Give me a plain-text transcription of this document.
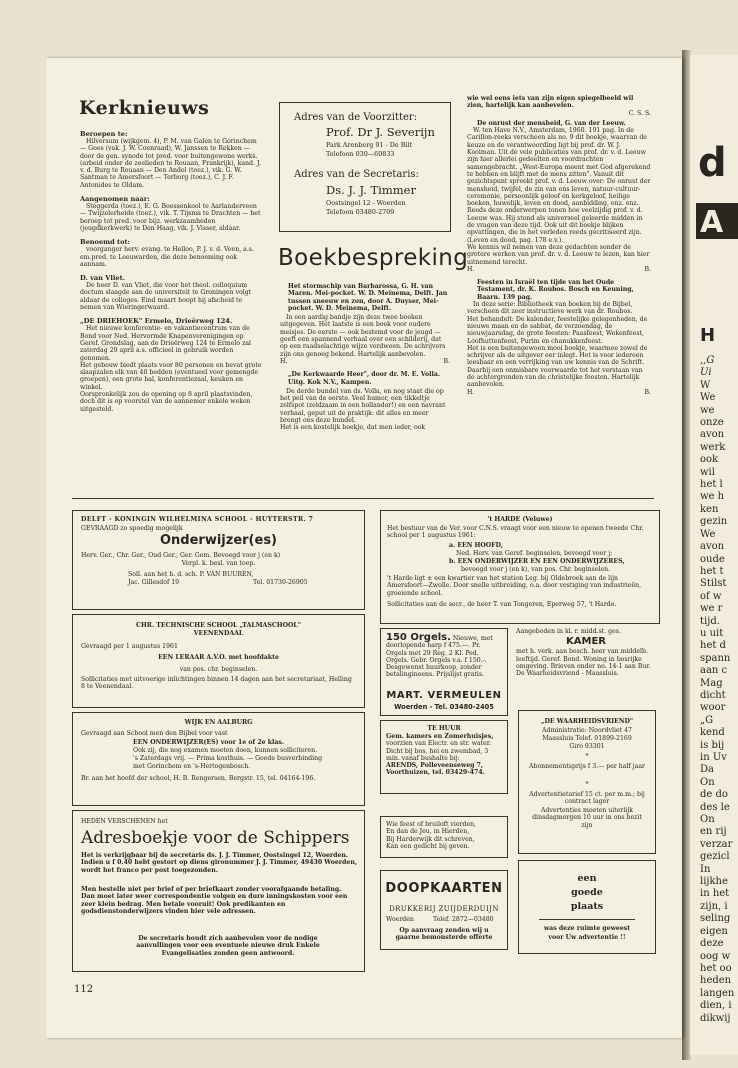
d
A
H

,,G

Ui

W

We

we

onze

avon

werk

ook

wil

het l

we h

ken

gezin

We

avon

oude

het t

Stilst

of w

we r

tijd.

u uit

het d

spann

aan c

Mag

dicht

woor

„G

kend

is bij

in Uv

Da

On

de do

des le

On

en rij

verzar

gezicl

In

lijkhe

in het

zijn, i

seling

eigen

deze

oog w

het oo

heden

langen

dien, i

dikwij

Kerknieuws

Beroepen te:

Hilversum (wijkgem. 4), P. M. van Galen te Gorinchem — Goes (vak. J. W. Coenraad), W. Janssen te Rekken — door de gen. synode tot pred. voor buitengewone werks. (arbeid onder de zeelieden te Rouaan, Frankrijk), kand. J. v. d. Burg te Rouaan — Den Andel (toez.), vik. G. W. Santman te Amersfoort — Terborg (toez.), C. J. F. Antonides te Oldam.

Aangenomen naar:

Steggerda (toez.), E. G. Boessenkool te Aarlanderveen — Twijzelerheide (toez.), vik. T. Tijsma te Drachten — het beroep tot pred. voor bijz. werkzaamheden (jeugdkerkwerk) te Den Haag, vik. J. Visser, aldaar.

Benoemd tot:

voorganger herv. evang. te Helloo, P. J. v. d. Veen, a.s. em.pred. te Leeuwarden, die deze benoeming ook aannam.

D. van Vliet.

De heer D. van Vliet, die voor het theol. colloquium doctum slaagde aan de universiteit te Groningen volgt aldaar de colleges. Eind maart hoopt hij afscheid te nemen van Wieringerwaard.

„DE DRIEHOEK" Ermelo, Drieërweg 124.

Het nieuwe konferentie- en vakantiecentrum van de Bond voor Ned. Hervormde Knapenverenigingen op Geref. Grondslag, aan de Drieërweg 124 te Ermelo zal zaterdag 29 april a.s. officieel in gebruik worden genomen.
Het gebouw biedt plaats voor 80 personen en bevat grote slaapzalen elk van 40 bedden (eventueel voor gemengde groepen), een grote hal, konferentiezaal, keuken en winkel.
Oorspronkelijk zou de opening op 8 april plaatsvinden, doch dit is op voorstel van de aannemer enkele weken uitgesteld.

Adres van de Voorzitter:

Prof. Dr J. Severijn

Park Arenberg 91 - De Bilt

Telefoon 030—60833

Adres van de Secretaris:

Ds. J. J. Timmer

Oostsingel 12 - Woerden

Telefoon 03480-2709

Boekbespreking

Het stormschip van Barbarossa, G. H. van Maren. Mei-pocket. W. D. Meinema, Delft. Jan tussen sneeuw en zon, door A. Duyser, Mei-pocket. W. D. Meinema, Delft.

In een aardig bandje zijn deze twee boeken uitgegeven. Het laatste is een boek voor oudere meisjes. De eerste — ook bestemd voor de jeugd — geeft een spannend verhaal over een schilderij, dat op een raadselachtige wijze verdween. De schrijvers zijn ons genoeg bekend. Hartelijk aanbevolen.

H.	B.

„De Kerkwaarde Heer", door dr. M. E. Volla. Uitg. Kok N.V., Kampen.

De derde bundel van ds. Volla, en nog staat die op het peil van de eerste. Veel humor, een tikkeltje zelfspot (zeldzaam in een hollander!) en een navrant verhaal, geput uit de praktijk: dit alles en meer brengt ons deze bundel.
Het is een kostelijk boekje, dat men ieder, ook

wie wel eens iets van zijn eigen spiegelbeeld wil zien, hartelijk kan aanbevelen.

C. S. S.

De onrust der mensheid, G. van der Leeuw.

W. ten Have N.V., Amsterdam, 1960. 191 pag. In de Carillon-reeks verscheen als no. 9 dit boekje, waarvan de keuze en de verantwoording ligt bij prof. dr. W. J. Kooiman. Uit de vele publicaties van prof. dr. v. d. Leeuw zijn hier allerlei gedeelten en voordrachten samengebracht. „West-Europa meent met God afgerekend te hebben en blijft met de mens zitten". Vanuit dit gezichtspunt spreekt prof. v. d. Leeuw over: De onrust der mensheid, twijfel, de zin van ons leven, natuur-cultuur-ceremonie, persoonlijk geloof en kerkgeloof, heilige boeken, huwelijk, leven en dood, aanbidding, enz. enz.
Reeds deze onderwerpen tonen hoe veelzijdig prof. v. d. Leeuw was. Hij stond als universeel geleerde midden in de vragen van deze tijd. Ook uit dit boekje blijken opvattingen, die in het verleden reeds gecritiseerd zijn. (Leven en dood, pag. 178 e.v.).
We kennis wil nemen van deze gedachten sonder de grotere werken van prof. dr. v. d. Leeuw te lezen, kan hier uitnemend terecht.

H.	B.

Feesten in Israël ten tijde van het Oude Testament, dr. K. Roubos. Bosch en Keuning, Baarn. 139 pag.

In deze serie: Bibliotheek van boeken bij de Bijbel, verscheen dit zeer instructieve werk van dr. Roubos.
Het behandelt: De kalender, feestelijke gelegenheden, de nieuwe maan en de sabbat, de verzoendag, de nieuwjaarsdag, de grote feesten: Paasfeest, Wekenfeest, Loofhuttenfeest, Purim en chanukkenfeest.
Het is een buitengewoon mooi boekje, waarmee zowel de schrijver als de uitgever eer inlegt. Het is voor iedereen leesbaar en een verrijking van uw kennis van de Schrift. Daarbij een onmisbare voorwaarde tot het verstaan van de achtergronden van de christelijke feesten. Hartelijk aanbevolen.

H.	B.

DELFT - KONINGIN WILHELMINA SCHOOL - HUYTERSTR. 7

GEVRAAGD zo spoedig mogelijk

Onderwijzer(es)

Herv. Ger., Chr. Ger., Oud Ger., Ger. Gem. Bevoegd voor j (en k)

Verpl. k. besl. van toep.

Soll. aan het h. d. sch. P. VAN BUUREN,

Jac. Gillesdof 19	Tel. 01730-26905

CHR. TECHNISCHE SCHOOL „TALMASCHOOL"

VEENENDAAL

Gevraagd per 1 augustus 1961

EEN LERAAR A.V.O. met hoofdakte

van pos. chr. beginselen.

Sollicitaties met uitvoerige inlichtingen binnen 14 dagen aan het secretariaat, Helling 8 te Veenendaal.

WIJK EN AALBURG

Gevraagd aan School men den Bijbel voor vast

EEN ONDERWIJZER(ES) voor 1e of 2e klas.

Ook zij, die nog examen moeten doen, kunnen solliciteren.

's Zaterdags vrij. — Prima kosthuis. — Goede busverbinding

met Gorinchem en 's-Hertogenbosch.

Br. aan het hoofd der school, H. B. Rengersen, Bergstr. 15, tel. 04164-196.

HEDEN VERSCHENEN het

Adresboekje voor de Schippers

Het is verkrijgbaar bij de secretaris ds. J. J. Timmer, Oostsingel 12, Woerden. Indien u f 0.40 hebt gestort op diens gironummer J. J. Timmer, 49430 Woerden, wordt het franco per post toegezonden.

Men bestelle niet per brief of per briefkaart zonder voorafgaande betaling. Dan moet later weer correspondentie volgen en dure inningskosten voor een zeer klein bedrag. Men betale vooruit! Ook predikanten en godsdienstonderwijzers vinden hier vele adressen.

De secretaris houdt zich aanbevolen voor de nodige aanvullingen voor een eventuele nieuwe druk Enkele Evangelisaties zonden geen antwoord.

't HARDE (Veluwe)

Het bestuur van de Ver. voor C.N.S. vraagt voor een nieuw te openen tweede Chr. school per 1 augustus 1961:

a. EEN HOOFD,

Ned. Herv. van Geref. beginselen, bevoegd voor j;

b. EEN ONDERWIJZER EN EEN ONDERWIJZERES,

bevoegd voor j (en k), van pos. Chr. beginselen.

't Harde ligt ± een kwartier van het station Leg. bij Oldebroek aan de lijn Amersfoort—Zwolle. Door snelle uitbreiding, o.a. door vestiging van industrieën, groeiende school.

Sollicitaties aan de secr., de heer T. van Tongeren, Eperweg 57, 't Harde.

150 Orgels. Nieuwe, met doorlopende harp f 475.—. Pr. Orgels met 29 Reg. 2 Kl. Ped. Orgels. Gebr. Orgels v.a. f 150.-. Desgewenst huurkoop, zonder betalingineens. Prijslijst gratis.

MART. VERMEULEN

Woerden - Tel. 03480-2405

Aangeboden in kl. r. midd.st. ges.

KAMER

met h. verk. aan besch. heer van middelb. leeftijd. Geref. Bond. Woning in bosrijke omgeving. Brieven onder no. 14-1 aan Bur. De Waarheidsvriend - Maassluis.

TE HUUR

Gem. kamers en Zomerhuisjes, voorzien van Electr. en str. water. Dicht bij bos, hei en zwembad, 3 min. vanaf bushalte bij:

ARENDS, Polleveenseweg 7, Voorthuizen, tel. 03429-474.

„DE WAARHEIDSVRIEND"

Administratie: Noordvliet 47

Maassluis Telef. 01899-2169

Giro 93301

*

Abonnementsprijs f 3.— per half jaar

*

Advertentietarief 15 ct. per m.m.; bij contract lager

Advertenties moeten uiterlijk dinsdagmorgen 10 uur in ons bezit zijn

Wie feest of bruiloft vierden,

En dan de Jeu, in Hierden,

Bij Harderwijk dit schreven,

Kan een gedicht bij geven.

DOOPKAARTEN

DRUKKERIJ ZUIJDERDUIJN

Woerden	Telef. 2872—03480

Op aanvraag zenden wij u gaarne bemonsterde offerte

een

goede

plaats

was deze ruimte geweest

voor Uw advertentie !!

112
